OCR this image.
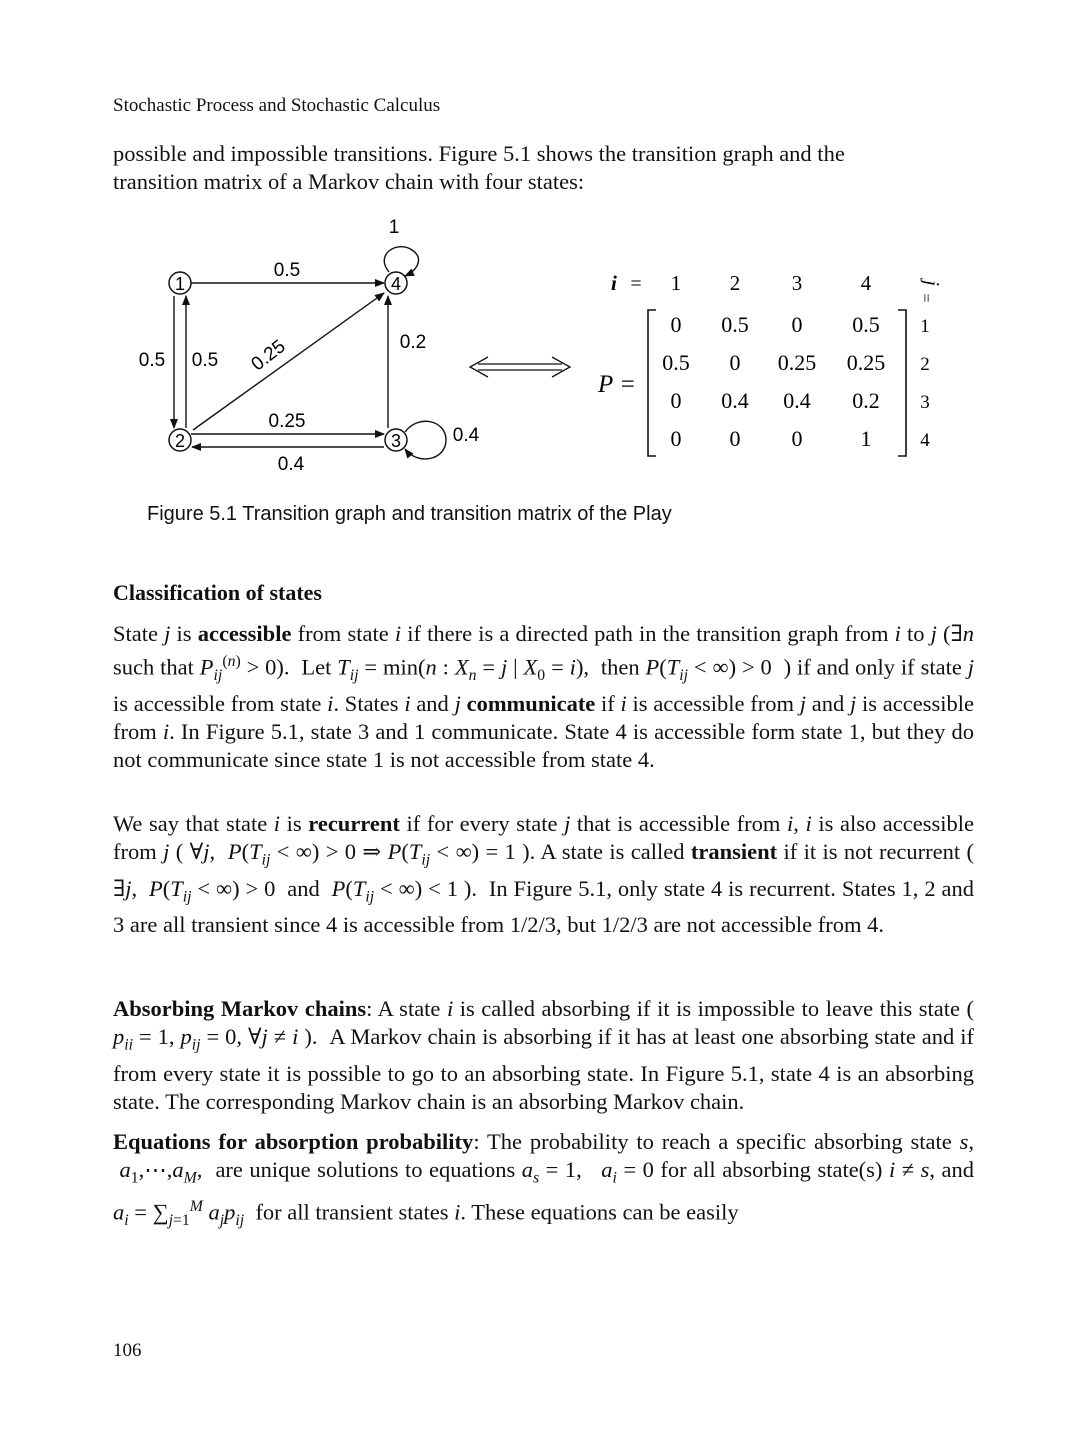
Stochastic Process and Stochastic Calculus
possible and impossible transitions. Figure 5.1 shows the transition graph and the
transition matrix of a Markov chain with four states:
1	4
2	3
0.5
0.5 0.5 0.25
0.25
0.4
0.2
0.4
1
i = 1 2 3	4 j
=
P =
0 0.5 0 0.5
0.5 0 0.25 0.25
0 0.4 0.4 0.2
0 0 0	1
1
2
3
4
Figure 5.1 Transition graph and transition matrix of the Play
Classification of states
State j is accessible from state i if there is a directed path in the transition graph from i to j (∃n such that $P_{ij}^{(n)} > 0$).  Let $T_{ij} = \min(n$ : $X_n = j$ | $X_0 = i$),  then $P(T_{ij}$ < ∞) > 0  ) if and only if state j is accessible from state i. States i and j communicate if i is accessible from j and j is accessible from i. In Figure 5.1, state 3 and 1 communicate. State 4 is accessible form state 1, but they do not communicate since state 1 is not accessible from state 4.
We say that state i is recurrent if for every state j that is accessible from i, i is also accessible from j ( ∀j,  $P(T_{ij}$ < ∞) > 0 ⇒ $P(T_{ij}$ < ∞) = 1 ). A state is called transient if it is not recurrent ( ∃j,  $P(T_{ij}$ < ∞) > 0  and  $P(T_{ij}$ < ∞) < 1 ).  In Figure 5.1, only state 4 is recurrent. States 1, 2 and 3 are all transient since 4 is accessible from 1/2/3, but 1/2/3 are not accessible from 4.
Absorbing Markov chains: A state i is called absorbing if it is impossible to leave this state ( $p_{ii} = 1$, $p_{ij} = 0$, ∀j ≠ i ).  A Markov chain is absorbing if it has at least one absorbing state and if from every state it is possible to go to an absorbing state. In Figure 5.1, state 4 is an absorbing state. The corresponding Markov chain is an absorbing Markov chain.
Equations for absorption probability: The probability to reach a specific absorbing state s,  $a_1,\cdots,a_M$,  are unique solutions to equations $a_s = 1$,   $a_i = 0$ for all absorbing state(s) i ≠ s, and $a_i = \sum_{j=1}^M$ $a_jp_{ij}$  for all transient states i. These equations can be easily
106
